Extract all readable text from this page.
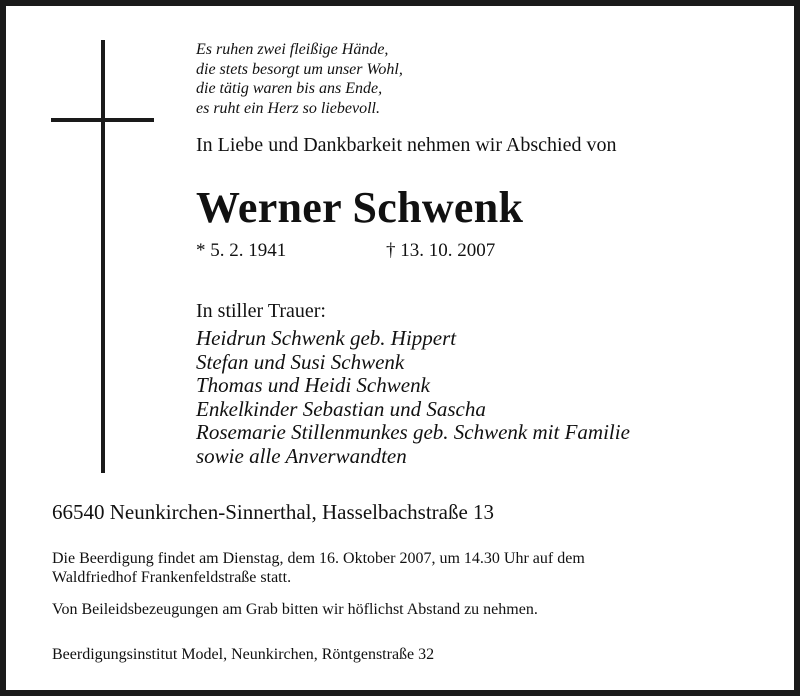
Es ruhen zwei fleißige Hände,
die stets besorgt um unser Wohl,
die tätig waren bis ans Ende,
es ruht ein Herz so liebevoll.
In Liebe und Dankbarkeit nehmen wir Abschied von
Werner Schwenk
* 5. 2. 1941	† 13. 10. 2007
In stiller Trauer:
Heidrun Schwenk geb. Hippert
Stefan und Susi Schwenk
Thomas und Heidi Schwenk
Enkelkinder Sebastian und Sascha
Rosemarie Stillenmunkes geb. Schwenk mit Familie
sowie alle Anverwandten
66540 Neunkirchen-Sinnerthal, Hasselbachstraße 13
Die Beerdigung findet am Dienstag, dem 16. Oktober 2007, um 14.30 Uhr auf dem
Waldfriedhof Frankenfeldstraße statt.
Von Beileidsbezeugungen am Grab bitten wir höflichst Abstand zu nehmen.
Beerdigungsinstitut Model, Neunkirchen, Röntgenstraße 32
